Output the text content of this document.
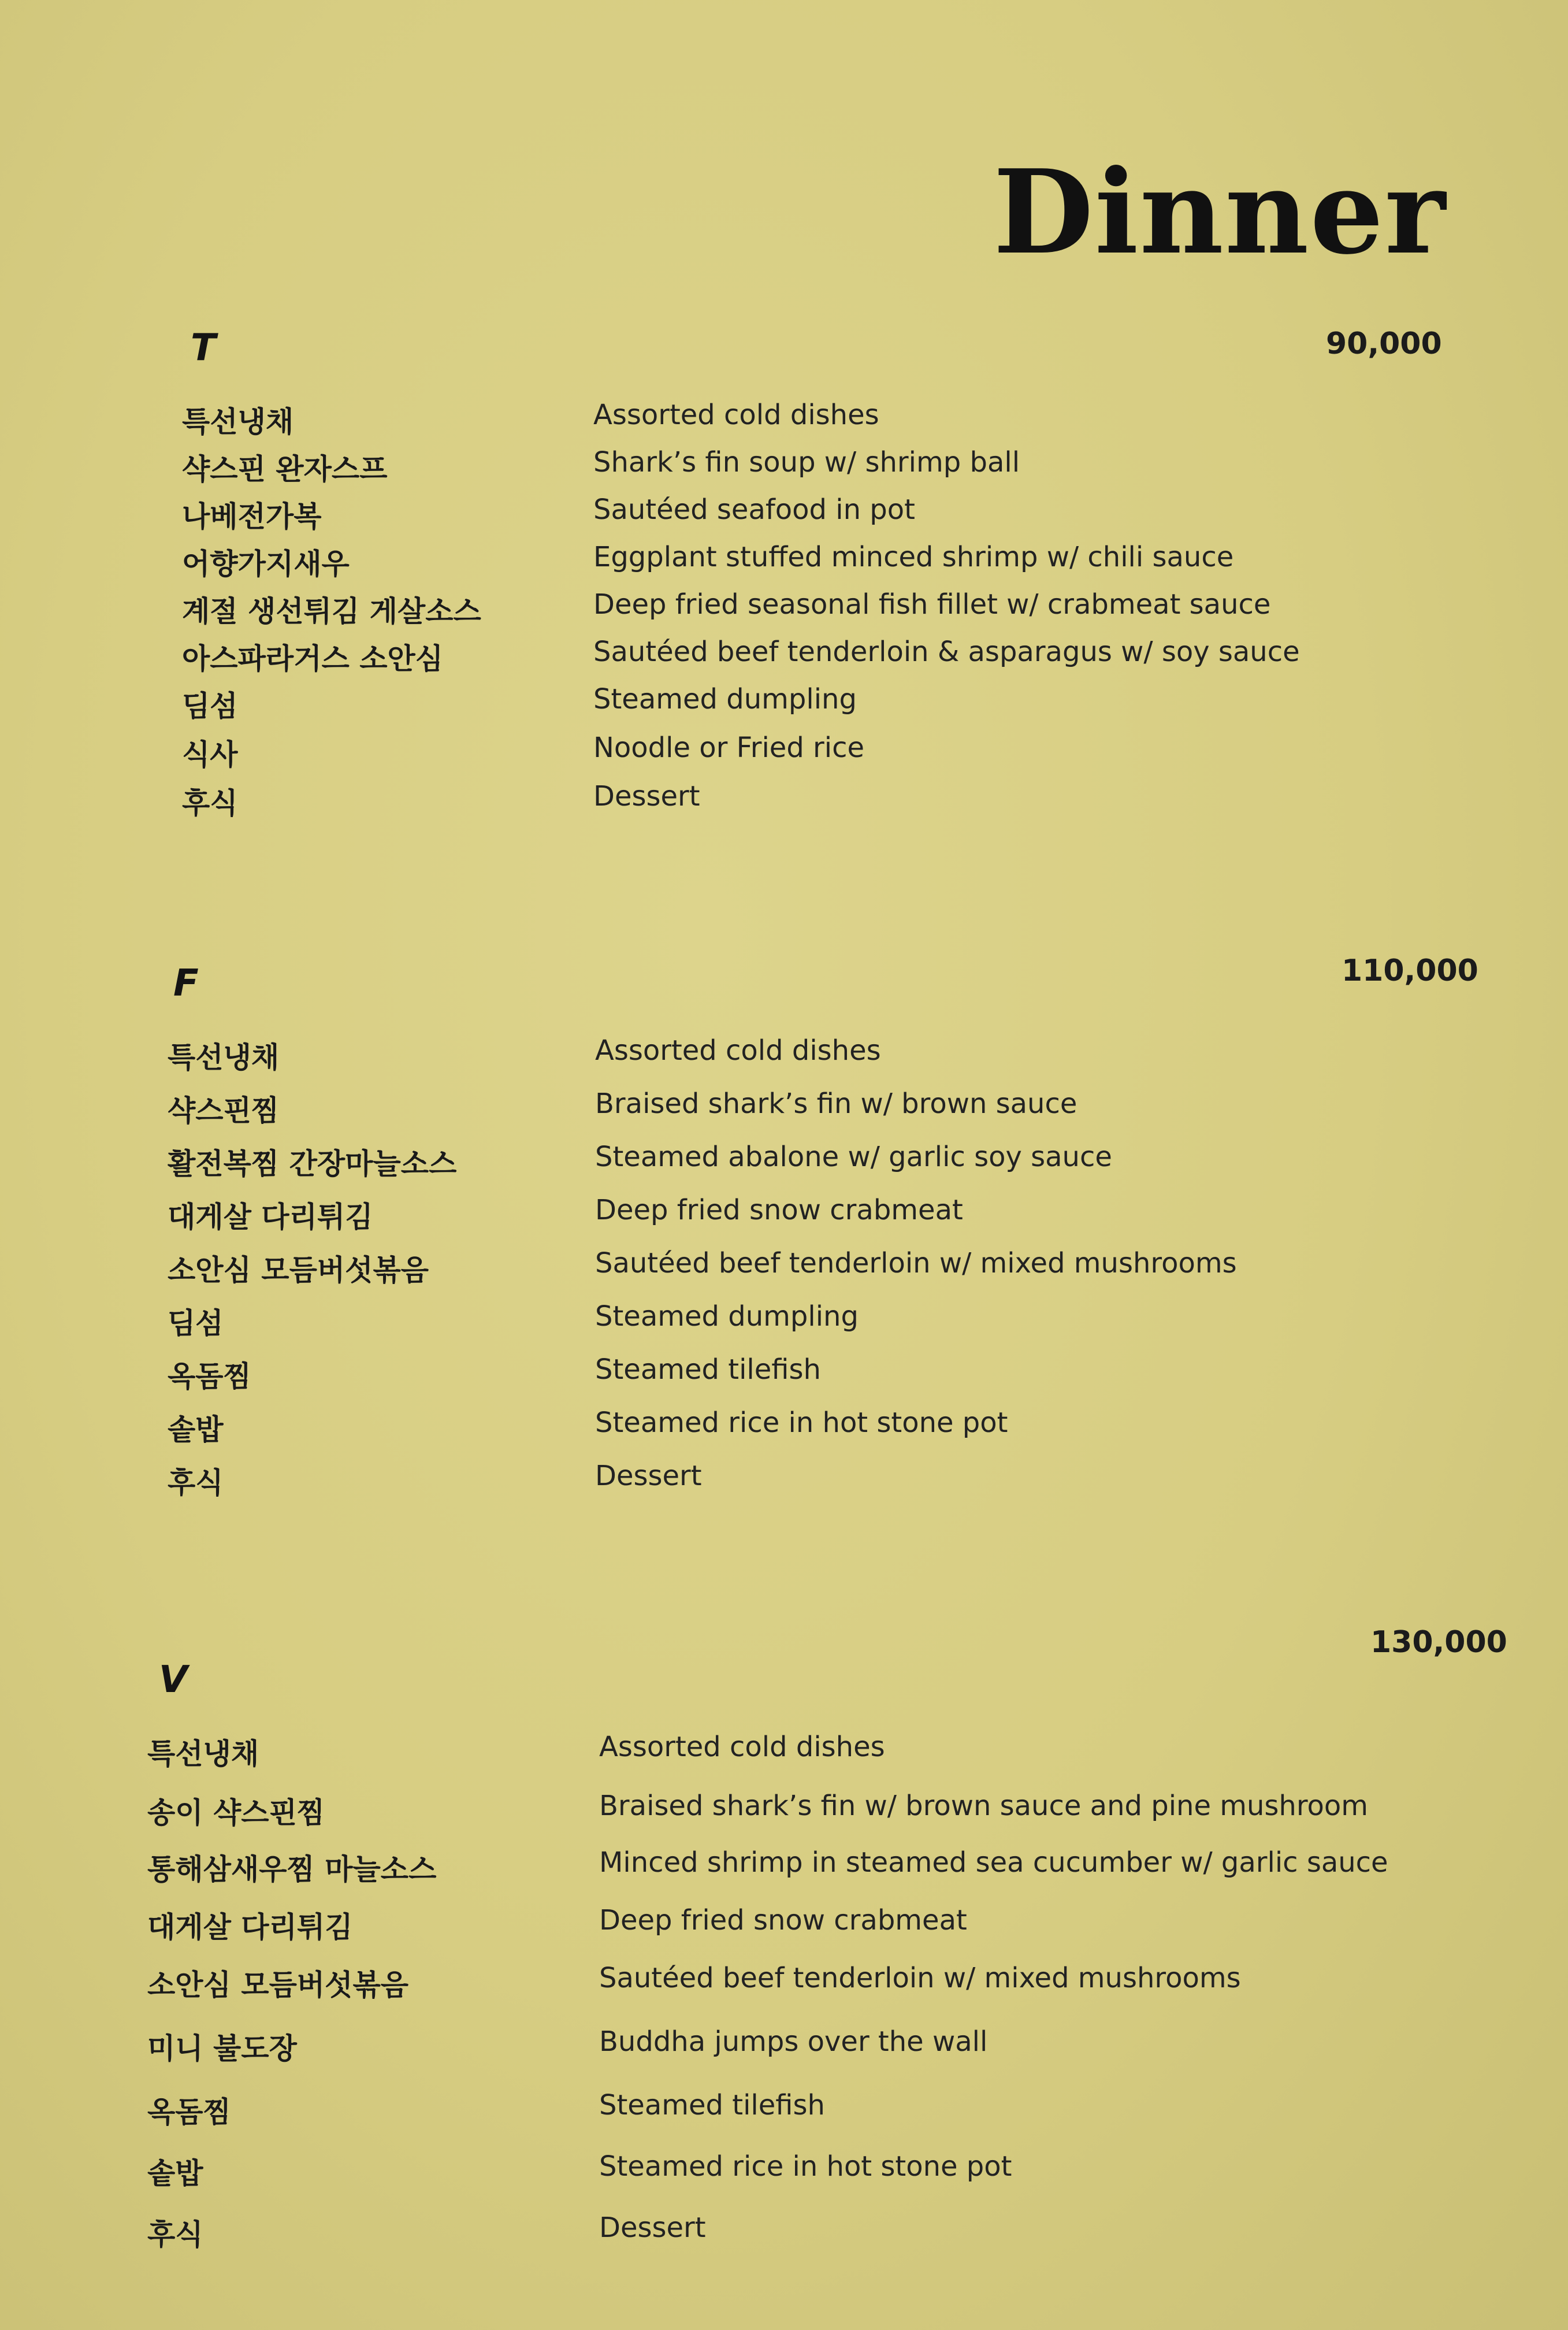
Dinner
T	90,000
특선냉채	Assorted cold dishes
샥스핀 완자스프	Shark’s fin soup w/ shrimp ball
나베전가복	Sautéed seafood in pot
어향가지새우	Eggplant stuffed minced shrimp w/ chili sauce
계절 생선튀김 게살소스	Deep fried seasonal fish fillet w/ crabmeat sauce
아스파라거스 소안심	Sautéed beef tenderloin & asparagus w/ soy sauce
딤섬	Steamed dumpling
식사	Noodle or Fried rice
후식	Dessert
F	110,000
특선냉채	Assorted cold dishes
샥스핀찜	Braised shark’s fin w/ brown sauce
활전복찜 간장마늘소스	Steamed abalone w/ garlic soy sauce
대게살 다리튀김	Deep fried snow crabmeat
소안심 모듬버섯볶음	Sautéed beef tenderloin w/ mixed mushrooms
딤섬	Steamed dumpling
옥돔찜	Steamed tilefish
솥밥	Steamed rice in hot stone pot
후식	Dessert
V
130,000
특선냉채	Assorted cold dishes
송이 샥스핀찜	Braised shark’s fin w/ brown sauce and pine mushroom
통해삼새우찜 마늘소스	Minced shrimp in steamed sea cucumber w/ garlic sauce
대게살 다리튀김	Deep fried snow crabmeat
소안심 모듬버섯볶음	Sautéed beef tenderloin w/ mixed mushrooms
미니 불도장	Buddha jumps over the wall
옥돔찜	Steamed tilefish
솥밥	Steamed rice in hot stone pot
후식	Dessert
